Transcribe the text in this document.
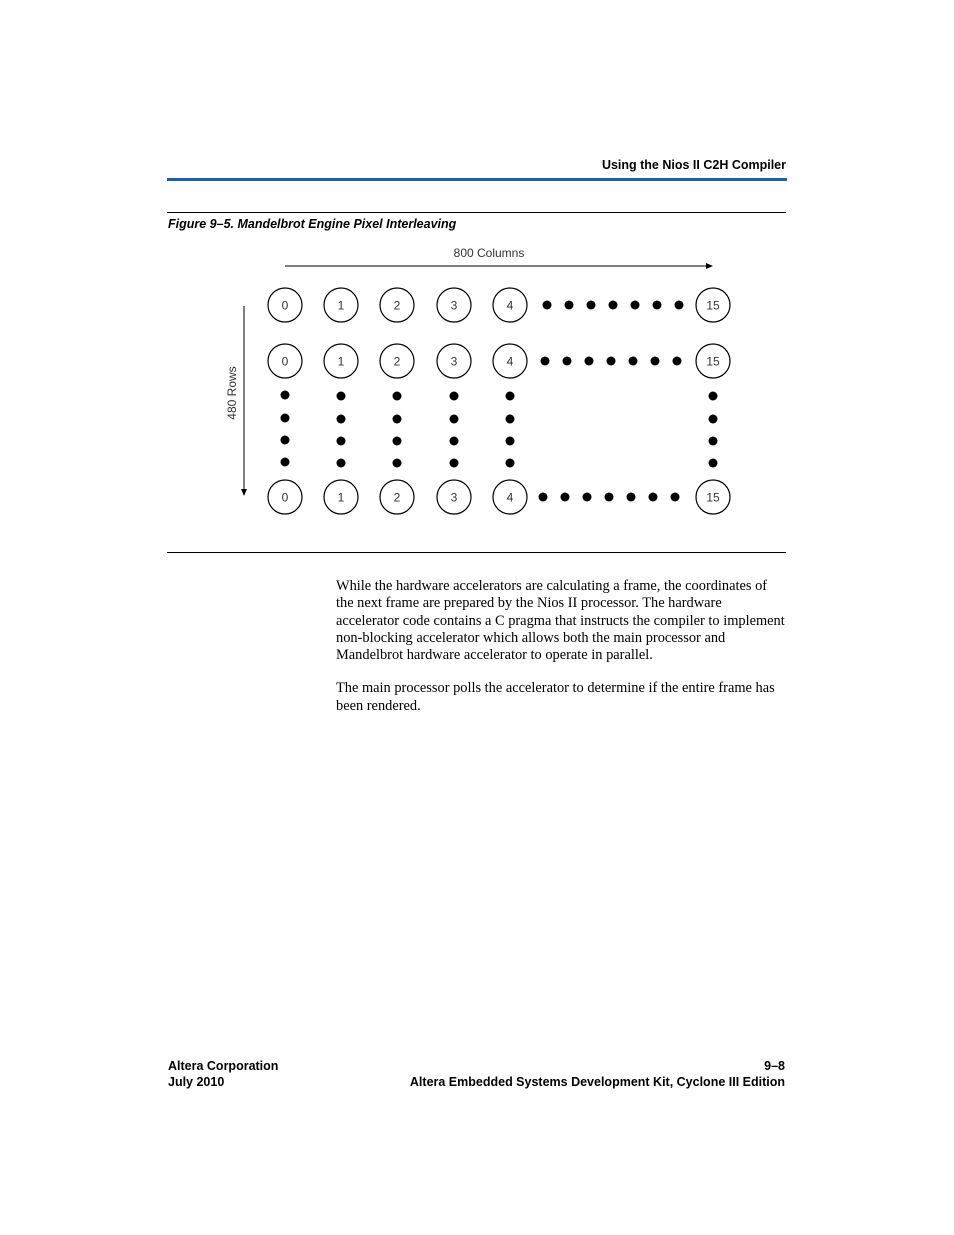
Using the Nios II C2H Compiler
Figure 9–5. Mandelbrot Engine Pixel Interleaving
800 Columns
480 Rows
0	1	2	3	4	15
0	1	2	3	4	15
0	1	2	3	4	15

While the hardware accelerators are calculating a frame, the coordinates of the next frame are prepared by the Nios II processor. The hardware accelerator code contains a C pragma that instructs the compiler to implement non-blocking accelerator which allows both the main processor and Mandelbrot hardware accelerator to operate in parallel.

The main processor polls the accelerator to determine if the entire frame has been rendered.

Altera Corporation
July 2010
9–8
Altera Embedded Systems Development Kit, Cyclone III Edition
